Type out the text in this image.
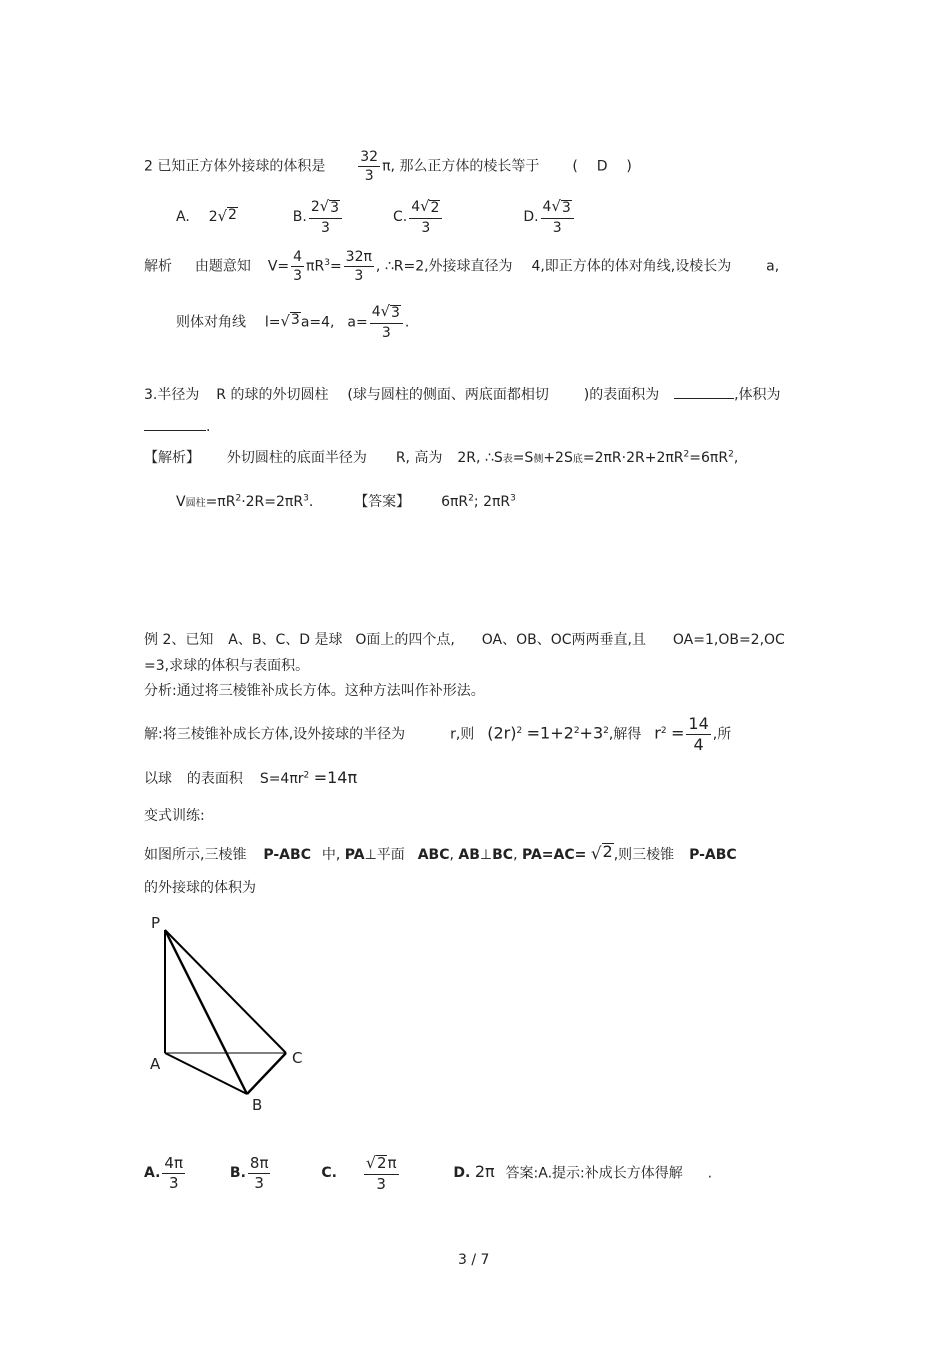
2 已知正方体外接球的体积是 $\frac{32}{3} \pi$, 那么正方体的棱长等于 ( D )
A. 2 √ 2	B. $\frac{2 √ 3}{3}$	C. $\frac{4 √ 2}{3}$	D. $\frac{4 √ 3}{3}$
解析 由题意知 $V= \frac{4}{3} \pi R^3= \frac{32\pi}{3}$ , ∴R=2,外接球直径为 4,即正方体的体对角线,设棱长为 a,
则体对角线 l= √ 3 a=4, $a= \frac{4 √ 3}{3}$ .
3.半径为 R 的球的外切圆柱 (球与圆柱的侧面、两底面都相切 )的表面积为	,体积为
.
【解析】 外切圆柱的底面半径为 R, 高为 2R, ∴S表=S侧+2S底$=2\pi R\cdot 2R+2\pi R^2=6\pi R^2$,
V圆柱$=\pi R^2\cdot 2R=2\pi R^3$.	【答案】 $6\pi R^2$; $2\pi R^3$
例 2、已知 A、B、C、D 是球 O面上的四个点, OA、OB、OC两两垂直,且 OA=1,OB=2,OC
=3,求球的体积与表面积。
分析:通过将三棱锥补成长方体。这种方法叫作补形法。
解:将三棱锥补成长方体,设外接球的半径为	r,则 $(2r)^2 =1+2^2+3^2$,解得 $r^2 = \frac{14}{4}$ ,所
以球 的表面积 $S=4\pi r^2 =14\pi$
变式训练:
如图所示,三棱锥 P-ABC 中, PA⊥平面 ABC, AB⊥BC, PA=AC= √ 2 ,则三棱锥 P-ABC
的外接球的体积为
P
A	C
B
A. $\frac{4\pi}{3}$	B. $\frac{8\pi}{3}$	C. $\frac{√ 2 \pi}{3}$	D. 2π 答案:A.提示:补成长方体得解 .
3 / 7
